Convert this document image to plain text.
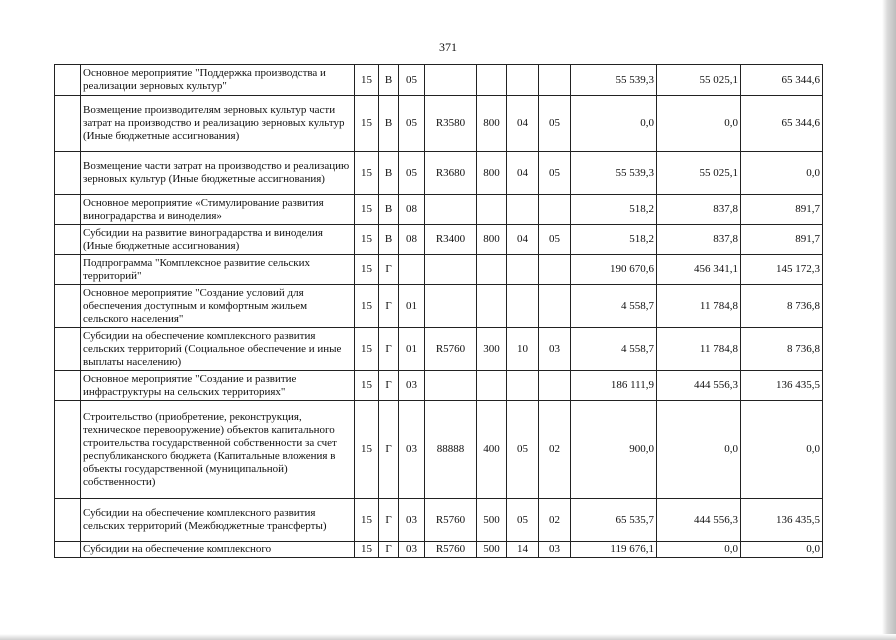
371
	Основное мероприятие "Поддержка производства и реализации зерновых культур"	15	В	05					55 539,3	55 025,1	65 344,6
	Возмещение производителям зерновых культур части затрат на производство и реализацию зерновых культур (Иные бюджетные ассигнования)	15	В	05	R3580	800	04	05	0,0	0,0	65 344,6
	Возмещение части затрат на производство и реализацию зерновых культур (Иные бюджетные ассигнования)	15	В	05	R3680	800	04	05	55 539,3	55 025,1	0,0
	Основное мероприятие «Стимулирование развития виноградарства и виноделия»	15	В	08					518,2	837,8	891,7
	Субсидии на развитие виноградарства и виноделия (Иные бюджетные ассигнования)	15	В	08	R3400	800	04	05	518,2	837,8	891,7
	Подпрограмма "Комплексное развитие сельских территорий"	15	Г						190 670,6	456 341,1	145 172,3
	Основное мероприятие "Создание условий для обеспечения доступным и комфортным жильем сельского населения"	15	Г	01					4 558,7	11 784,8	8 736,8
	Субсидии на обеспечение комплексного развития сельских территорий (Социальное обеспечение и иные выплаты населению)	15	Г	01	R5760	300	10	03	4 558,7	11 784,8	8 736,8
	Основное мероприятие "Создание и развитие инфраструктуры на сельских территориях"	15	Г	03					186 111,9	444 556,3	136 435,5
	Строительство (приобретение, реконструкция, техническое перевооружение) объектов капитального строительства государственной собственности за счет республиканского бюджета (Капитальные вложения в объекты государственной (муниципальной) собственности)	15	Г	03	88888	400	05	02	900,0	0,0	0,0
	Субсидии на обеспечение комплексного развития сельских территорий (Межбюджетные трансферты)	15	Г	03	R5760	500	05	02	65 535,7	444 556,3	136 435,5
	Субсидии на обеспечение комплексного	15	Г	03	R5760	500	14	03	119 676,1	0,0	0,0
